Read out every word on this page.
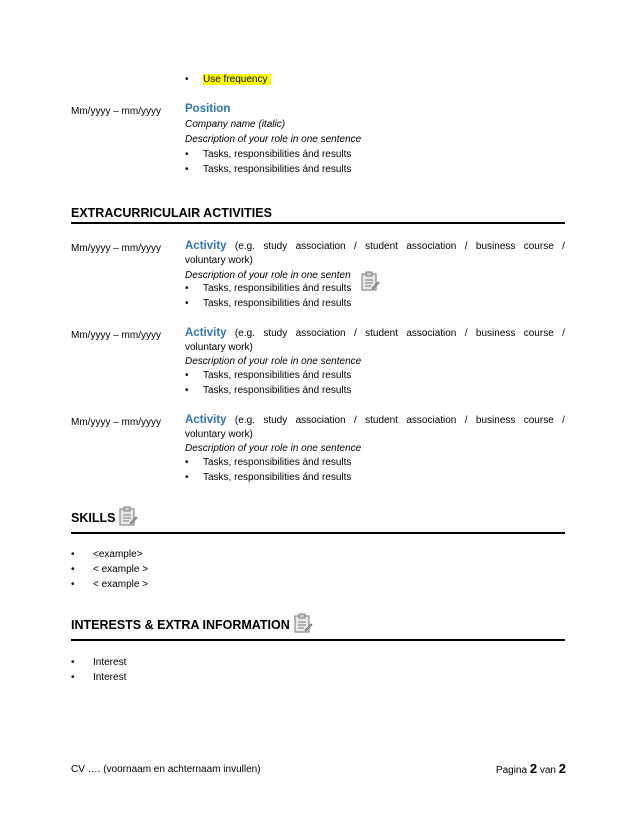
•	Use frequency
Mm/yyyy – mm/yyyy Position
Company name (italic)
Description of your role in one sentence
•	Tasks, responsibilities ánd results
•	Tasks, responsibilities ánd results
EXTRACURRICULAIR ACTIVITIES
Mm/yyyy – mm/yyyy Activity (e.g. study association / student association / business course /
voluntary work)
Description of your role in one senten
•	Tasks, responsibilities ánd results
•	Tasks, responsibilities ánd results
Mm/yyyy – mm/yyyy Activity (e.g. study association / student association / business course /
voluntary work)
Description of your role in one sentence
•	Tasks, responsibilities ánd results
•	Tasks, responsibilities ánd results
Mm/yyyy – mm/yyyy Activity (e.g. study association / student association / business course /
voluntary work)
Description of your role in one sentence
•	Tasks, responsibilities ánd results
•	Tasks, responsibilities ánd results
SKILLS
•	<example>
•	< example >
•	< example >
INTERESTS & EXTRA INFORMATION
•	Interest
•	Interest
CV …. (voornaam en achternaam invullen)	Pagina 2 van 2
